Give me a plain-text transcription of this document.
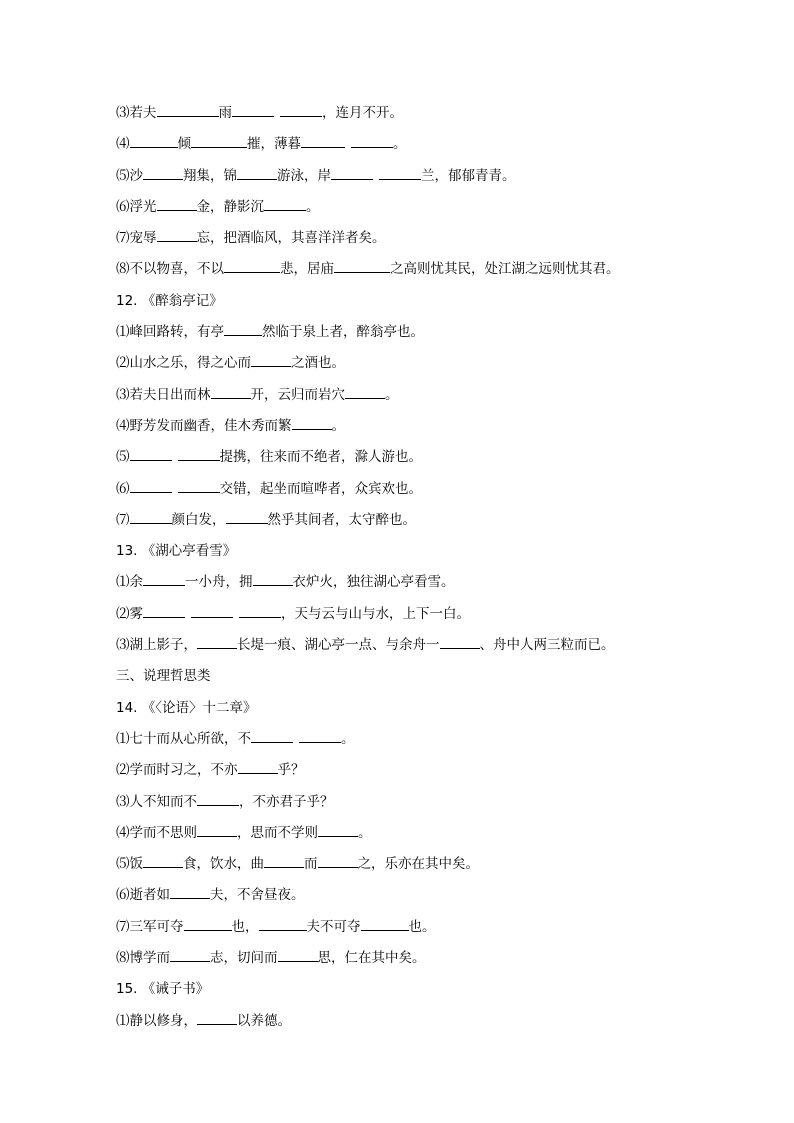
⑶若夫	雨	，连月不开。
⑷	倾	摧，薄暮	。
⑸沙	翔集，锦	游泳，岸	兰，郁郁青青。
⑹浮光	金，静影沉	。
⑺宠辱	忘，把酒临风，其喜洋洋者矣。
⑻不以物喜，不以	悲，居庙	之高则忧其民，处江湖之远则忧其君。
12. 《醉翁亭记》
⑴峰回路转，有亭	然临于泉上者，醉翁亭也。
⑵山水之乐，得之心而	之酒也。
⑶若夫日出而林	开，云归而岩穴	。
⑷野芳发而幽香，佳木秀而繁	。
⑸	提携，往来而不绝者，滁人游也。
⑹	交错，起坐而喧哗者，众宾欢也。
⑺	颜白发，	然乎其间者，太守醉也。
13. 《湖心亭看雪》
⑴余	一小舟，拥	衣炉火，独往湖心亭看雪。
⑵雾	，天与云与山与水，上下一白。
⑶湖上影子，	长堤一痕、湖心亭一点、与余舟一	、舟中人两三粒而已。
三、说理哲思类
14. 《〈论语〉十二章》
⑴七十而从心所欲，不	。
⑵学而时习之，不亦	乎？
⑶人不知而不	，不亦君子乎？
⑷学而不思则	，思而不学则	。
⑸饭	食，饮水，曲	而	之，乐亦在其中矣。
⑹逝者如	夫，不舍昼夜。
⑺三军可夺	也，	夫不可夺	也。
⑻博学而	志，切问而	思，仁在其中矣。
15. 《诫子书》
⑴静以修身，	以养德。
